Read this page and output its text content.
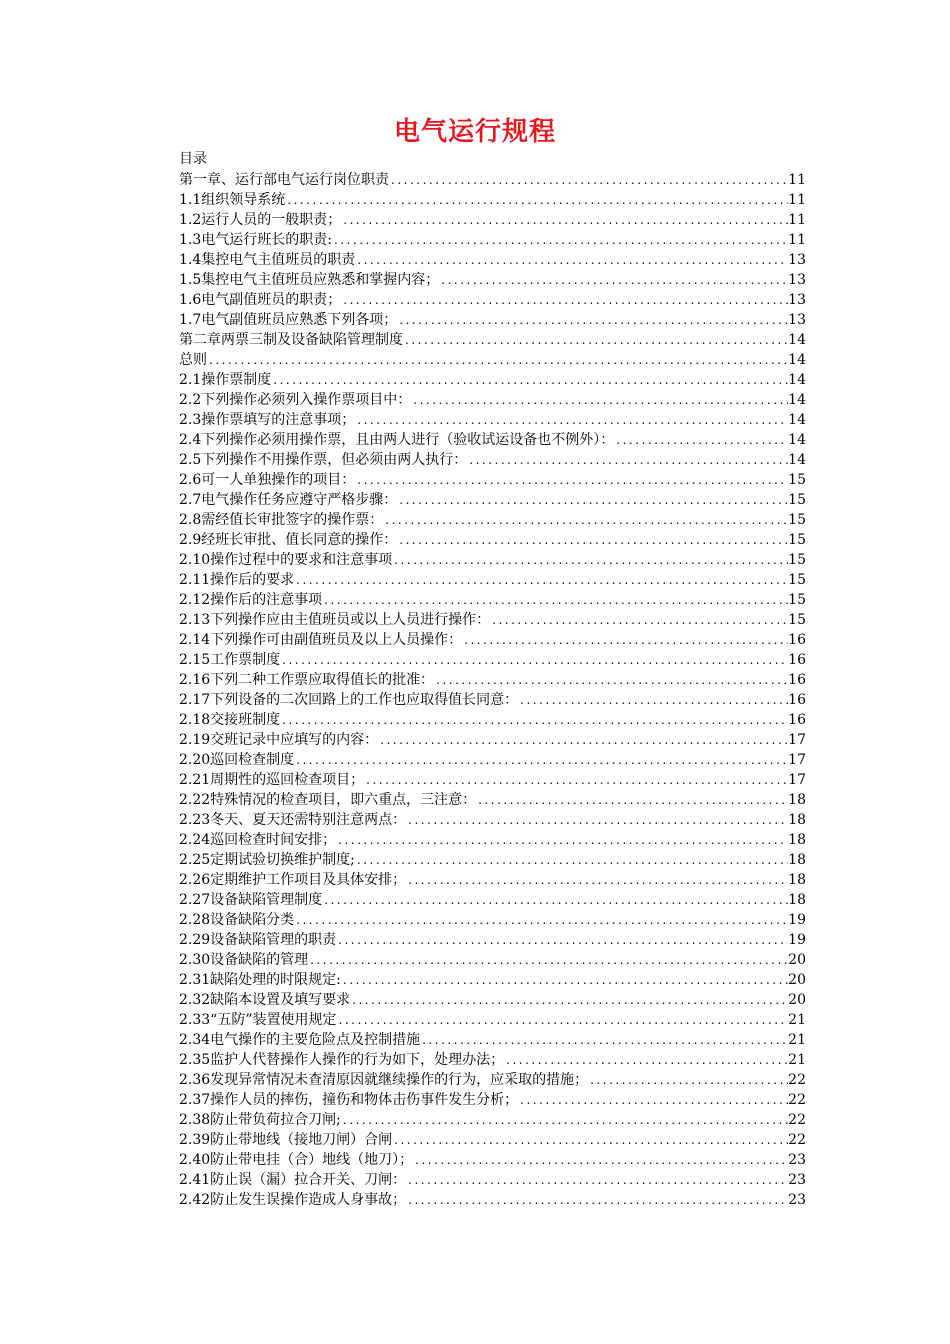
电气运行规程
目录
第一章、运行部电气运行岗位职责 .....	11
1.1组织领导系统 .....	11
1.2运行人员的一般职责； .....	11
1.3电气运行班长的职责: .....	11
1.4集控电气主值班员的职责 .....	13
1.5集控电气主值班员应熟悉和掌握内容； .....	13
1.6电气副值班员的职责； .....	13
1.7电气副值班员应熟悉下列各项； .....	13
第二章两票三制及设备缺陷管理制度 .....	14
总则 .....	14
2.1操作票制度 .....	14
2.2下列操作必须列入操作票项目中： .....	14
2.3操作票填写的注意事项； .....	14
2.4下列操作必须用操作票，且由两人进行（验收试运设备也不例外）： .....	14
2.5下列操作不用操作票，但必须由两人执行： .....	14
2.6可一人单独操作的项目： .....	15
2.7电气操作任务应遵守严格步骤： .....	15
2.8需经值长审批签字的操作票： .....	15
2.9经班长审批、值长同意的操作： .....	15
2.10操作过程中的要求和注意事项 .....	15
2.11操作后的要求 .....	15
2.12操作后的注意事项 .....	15
2.13下列操作应由主值班员或以上人员进行操作： .....	15
2.14下列操作可由副值班员及以上人员操作： .....	16
2.15工作票制度 .....	16
2.16下列二种工作票应取得值长的批准： .....	16
2.17下列设备的二次回路上的工作也应取得值长同意： .....	16
2.18交接班制度 .....	16
2.19交班记录中应填写的内容： .....	17
2.20巡回检查制度 .....	17
2.21周期性的巡回检查项目； .....	17
2.22特殊情况的检查项目，即六重点，三注意： .....	18
2.23冬天、夏天还需特别注意两点： .....	18
2.24巡回检查时间安排； .....	18
2.25定期试验切换维护制度; .....	18
2.26定期维护工作项目及具体安排； .....	18
2.27设备缺陷管理制度 .....	18
2.28设备缺陷分类 .....	19
2.29设备缺陷管理的职责 .....	19
2.30设备缺陷的管理 .....	20
2.31缺陷处理的时限规定: .....	20
2.32缺陷本设置及填写要求 .....	20
2.33“五防”装置使用规定 .....	21
2.34电气操作的主要危险点及控制措施 .....	21
2.35监护人代替操作人操作的行为如下，处理办法； .....	21
2.36发现异常情况未查清原因就继续操作的行为，应采取的措施； .....	22
2.37操作人员的摔伤，撞伤和物体击伤事件发生分析； .....	22
2.38防止带负荷拉合刀闸; .....	22
2.39防止带地线（接地刀闸）合闸 .....	22
2.40防止带电挂（合）地线（地刀）； .....	23
2.41防止误（漏）拉合开关、刀闸： .....	23
2.42防止发生误操作造成人身事故； .....	23
